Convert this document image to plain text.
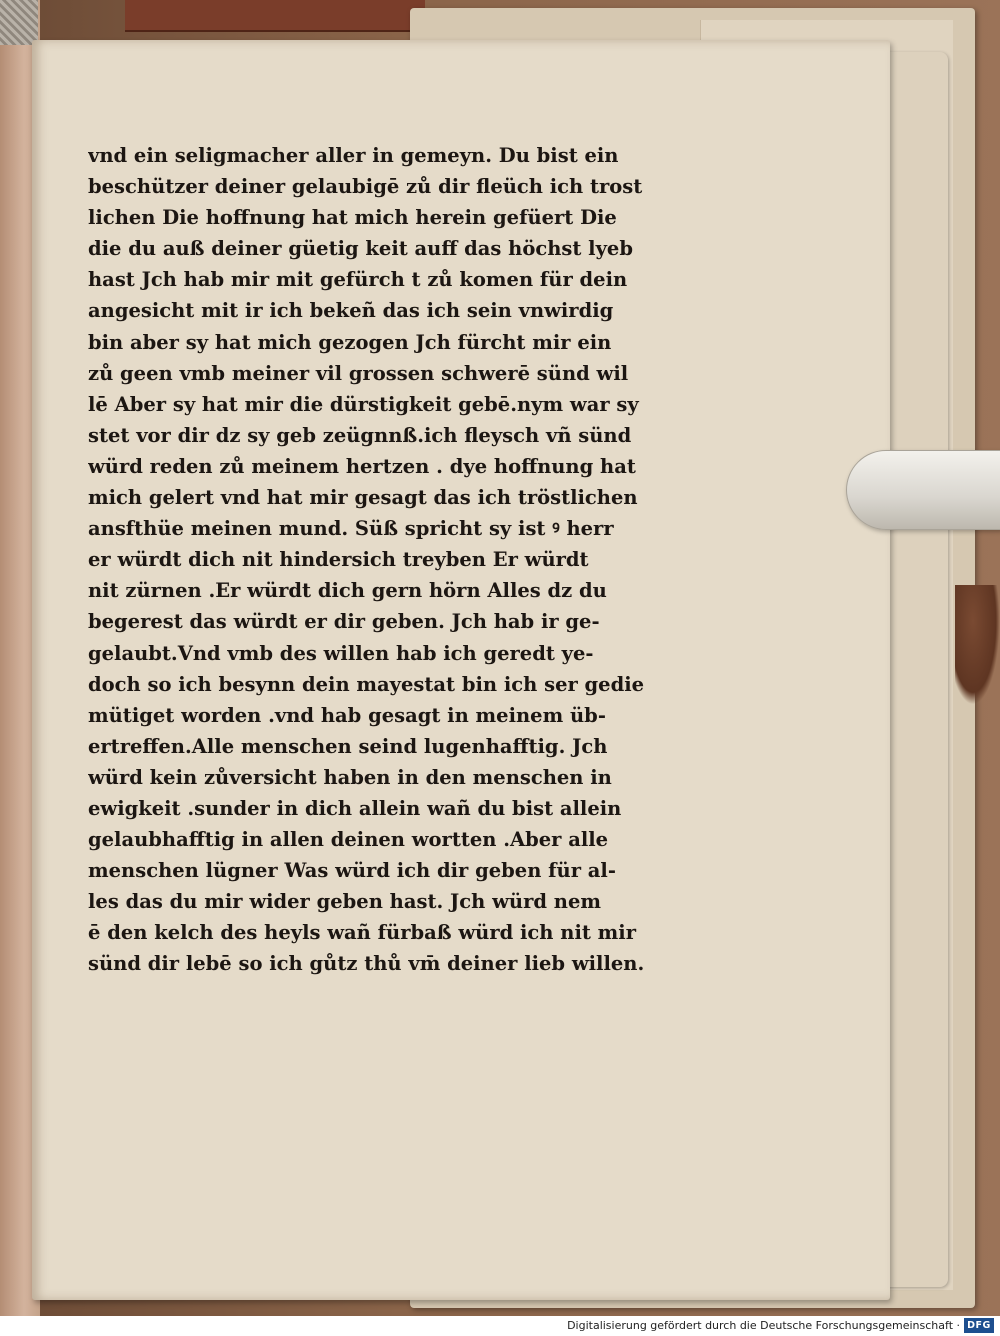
vnd ein seligmacher aller in gemeyn. Du bist ein
beschützer deiner gelaubigē zů dir fleüch ich trost
lichen Die hoffnung hat mich herein gefüert Die
die du auß deiner güetig keit auff das höchst lyeb
hast Jch hab mir mit gefürch t zů komen für dein
angesicht mit ir ich bekeñ das ich sein vnwirdig
bin aber sy hat mich gezogen Jch fürcht mir ein
zů geen vmb meiner vil grossen schwerē sünd wil
lē Aber sy hat mir die dürstigkeit gebē.nym war sy
stet vor dir dz sy geb zeügnnß.ich fleysch vñ sünd
würd reden zů meinem hertzen . dye hoffnung hat
mich gelert vnd hat mir gesagt das ich tröstlichen
ansfthüe meinen mund. Süß spricht sy ist ꝰ herr
er würdt dich nit hindersich treyben Er würdt
nit zürnen .Er würdt dich gern hörn Alles dz du
begerest das würdt er dir geben. Jch hab ir ge-
gelaubt.Vnd vmb des willen hab ich geredt ye-
doch so ich besynn dein mayestat bin ich ser gedie
mütiget worden .vnd hab gesagt in meinem üb-
ertreffen.Alle menschen seind lugenhafftig. Jch
würd kein zůversicht haben in den menschen in
ewigkeit .sunder in dich allein wañ du bist allein
gelaubhafftig in allen deinen wortten .Aber alle
menschen lügner Was würd ich dir geben für al-
les das du mir wider geben hast. Jch würd nem
ē den kelch des heyls wañ fürbaß würd ich nit mir
sünd dir lebē so ich gůtz thů vm̄ deiner lieb willen.
Digitalisierung gefördert durch die Deutsche Forschungsgemeinschaft · DFG
